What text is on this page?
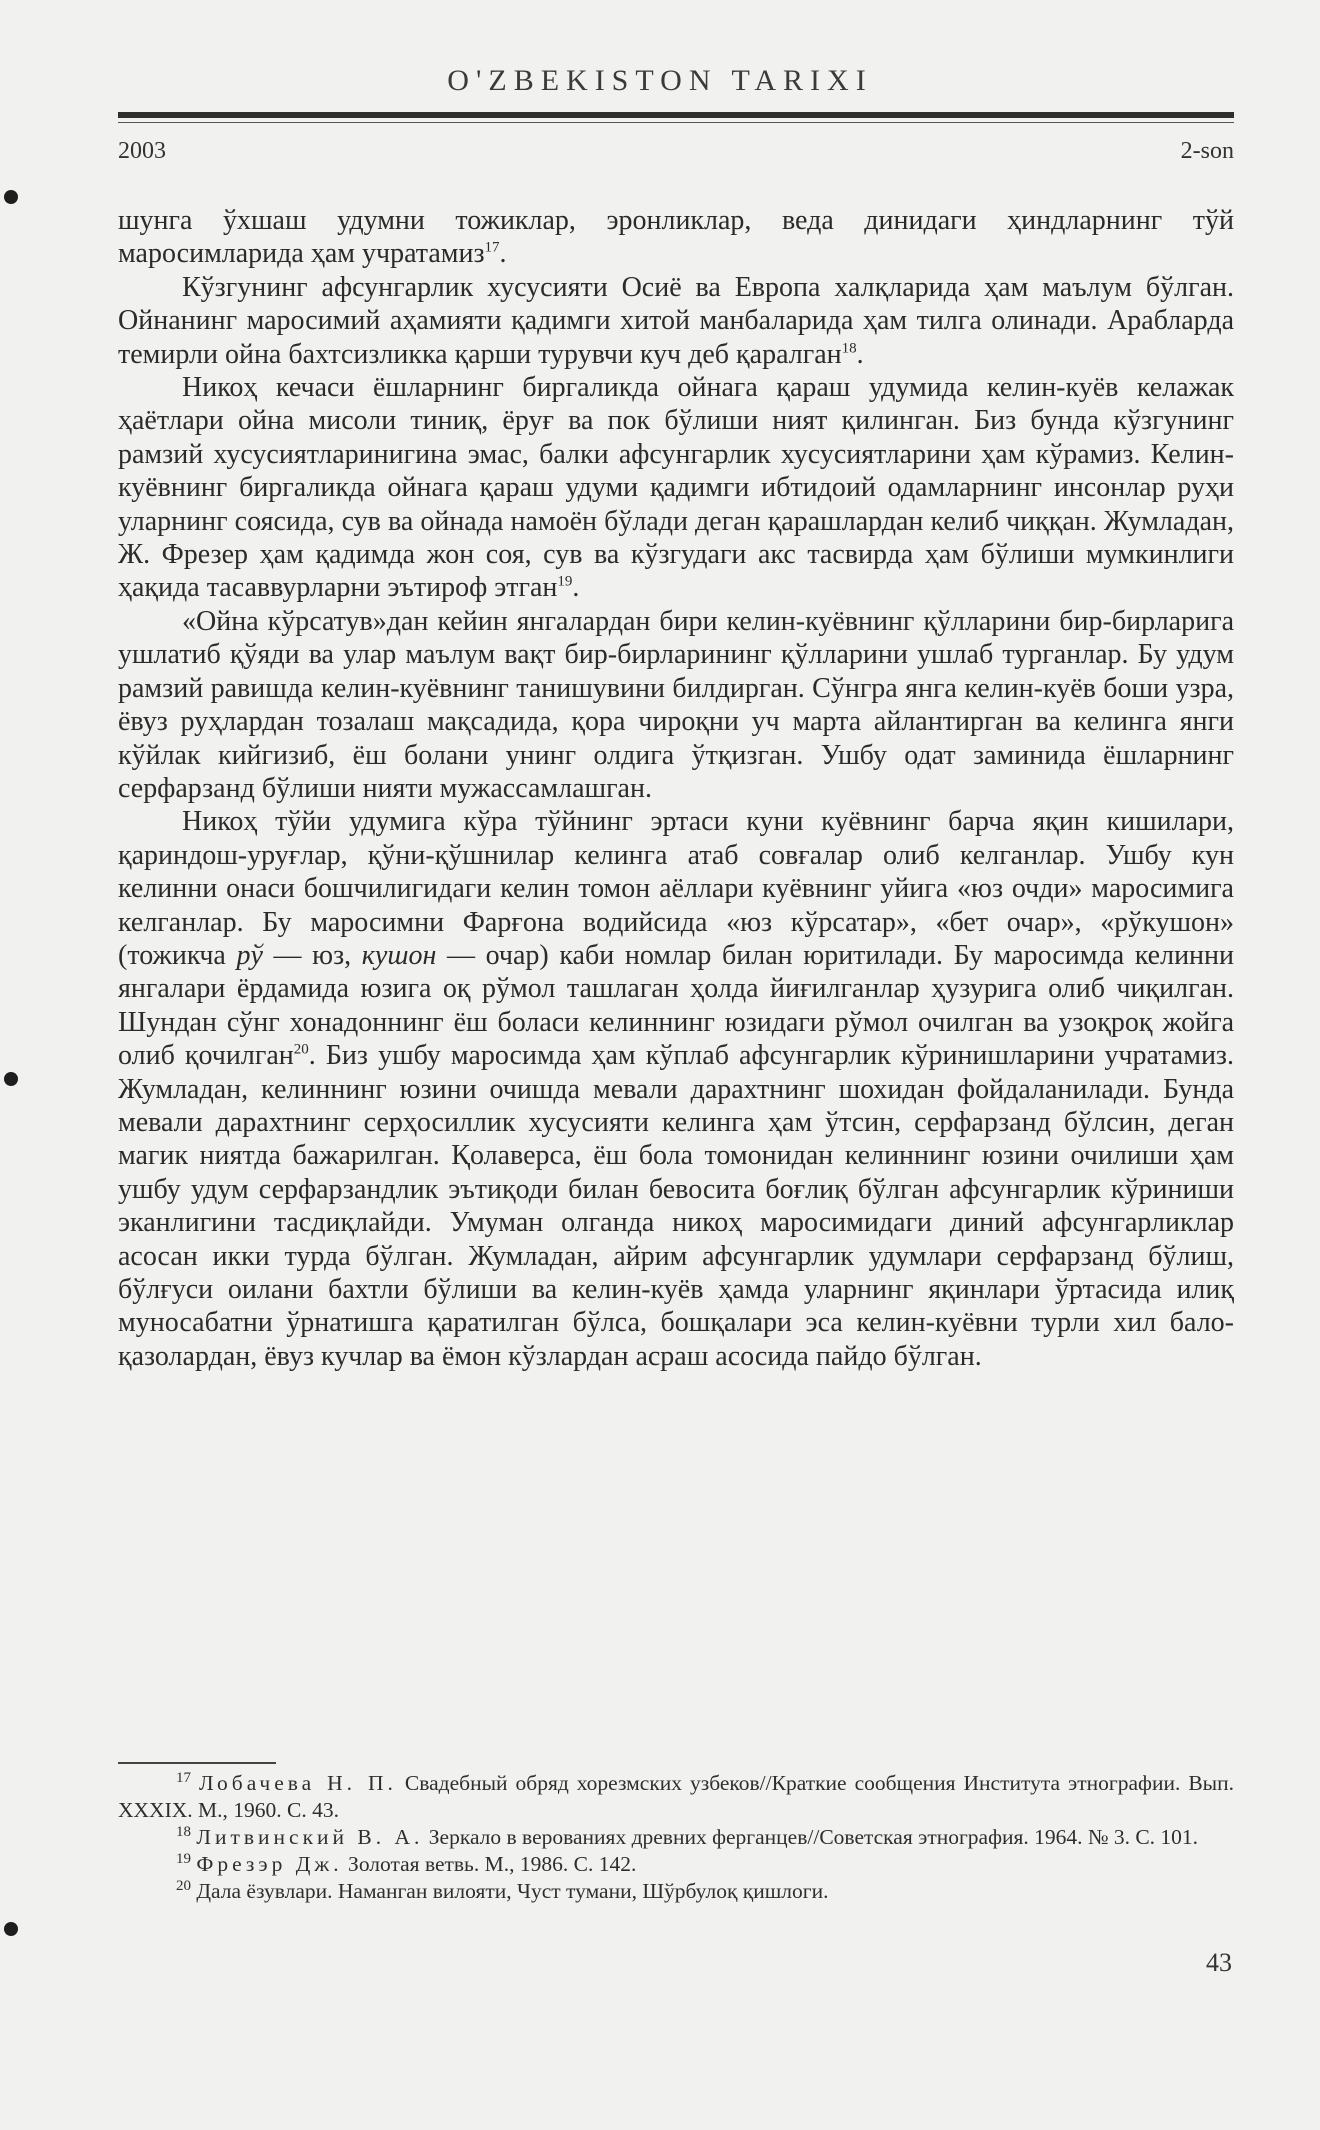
O'ZBEKISTON TARIXI
2003	2-son

шунга ўхшаш удумни тожиклар, эронликлар, веда динидаги ҳиндларнинг тўй маросимларида ҳам учратамиз$^{17}$.

Кўзгунинг афсунгарлик хусусияти Осиё ва Европа халқларида ҳам маълум бўлган. Ойнанинг маросимий аҳамияти қадимги хитой манбаларида ҳам тилга олинади. Арабларда темирли ойна бахтсизликка қарши турувчи куч деб қаралган$^{18}$.

Никоҳ кечаси ёшларнинг биргаликда ойнага қараш удумида келин-куёв келажак ҳаётлари ойна мисоли тиниқ, ёруғ ва пок бўлиши ният қилинган. Биз бунда кўзгунинг рамзий хусусиятларинигина эмас, балки афсунгарлик хусусиятларини ҳам кўрамиз. Келин-куёвнинг биргаликда ойнага қараш удуми қадимги ибтидоий одамларнинг инсонлар руҳи уларнинг соясида, сув ва ойнада намоён бўлади деган қарашлардан келиб чиққан. Жумладан, Ж. Фрезер ҳам қадимда жон соя, сув ва кўзгудаги акс тасвирда ҳам бўлиши мумкинлиги ҳақида тасаввурларни эътироф этган$^{19}$.

«Ойна кўрсатув»дан кейин янгалардан бири келин-куёвнинг қўлларини бир-бирларига ушлатиб қўяди ва улар маълум вақт бир-бирларининг қўлларини ушлаб турганлар. Бу удум рамзий равишда келин-куёвнинг танишувини билдирган. Сўнгра янга келин-куёв боши узра, ёвуз руҳлардан тозалаш мақсадида, қора чироқни уч марта айлантирган ва келинга янги кўйлак кийгизиб, ёш болани унинг олдига ўтқизган. Ушбу одат заминида ёшларнинг серфарзанд бўлиши нияти мужассамлашган.

Никоҳ тўйи удумига кўра тўйнинг эртаси куни куёвнинг барча яқин кишилари, қариндош-уруғлар, қўни-қўшнилар келинга атаб совғалар олиб келганлар. Ушбу кун келинни онаси бошчилигидаги келин томон аёллари куёвнинг уйига «юз очди» маросимига келганлар. Бу маросимни Фарғона водийсида «юз кўрсатар», «бет очар», «рўкушон» (тожикча рў — юз, кушон — очар) каби номлар билан юритилади. Бу маросимда келинни янгалари ёрдамида юзига оқ рўмол ташлаган ҳолда йиғилганлар ҳузурига олиб чиқилган. Шундан сўнг хонадоннинг ёш боласи келиннинг юзидаги рўмол очилган ва узоқроқ жойга олиб қочилган$^{20}$. Биз ушбу маросимда ҳам кўплаб афсунгарлик кўринишларини учратамиз. Жумладан, келиннинг юзини очишда мевали дарахтнинг шохидан фойдаланилади. Бунда мевали дарахтнинг серҳосиллик хусусияти келинга ҳам ўтсин, серфарзанд бўлсин, деган магик ниятда бажарилган. Қолаверса, ёш бола томонидан келиннинг юзини очилиши ҳам ушбу удум серфарзандлик эътиқоди билан бевосита боғлиқ бўлган афсунгарлик кўриниши эканлигини тасдиқлайди. Умуман олганда никоҳ маросимидаги диний афсунгарликлар асосан икки турда бўлган. Жумладан, айрим афсунгарлик удумлари серфарзанд бўлиш, бўлғуси оилани бахтли бўлиши ва келин-куёв ҳамда уларнинг яқинлари ўртасида илиқ муносабатни ўрнатишга қаратилган бўлса, бошқалари эса келин-куёвни турли хил бало-қазолардан, ёвуз кучлар ва ёмон кўзлардан асраш асосида пайдо бўлган.

$^{17}$ Лобачева Н. П. Свадебный обряд хорезмских узбеков//Краткие сообщения Института этнографии. Вып. XXXIX. М., 1960. С. 43.

$^{18}$ Литвинский В. А. Зеркало в верованиях древних ферганцев//Советская этнография. 1964. № 3. С. 101.

$^{19}$ Фрезэр Дж. Золотая ветвь. М., 1986. С. 142.

$^{20}$ Дала ёзувлари. Наманган вилояти, Чуст тумани, Шўрбулоқ қишлоги.

43
